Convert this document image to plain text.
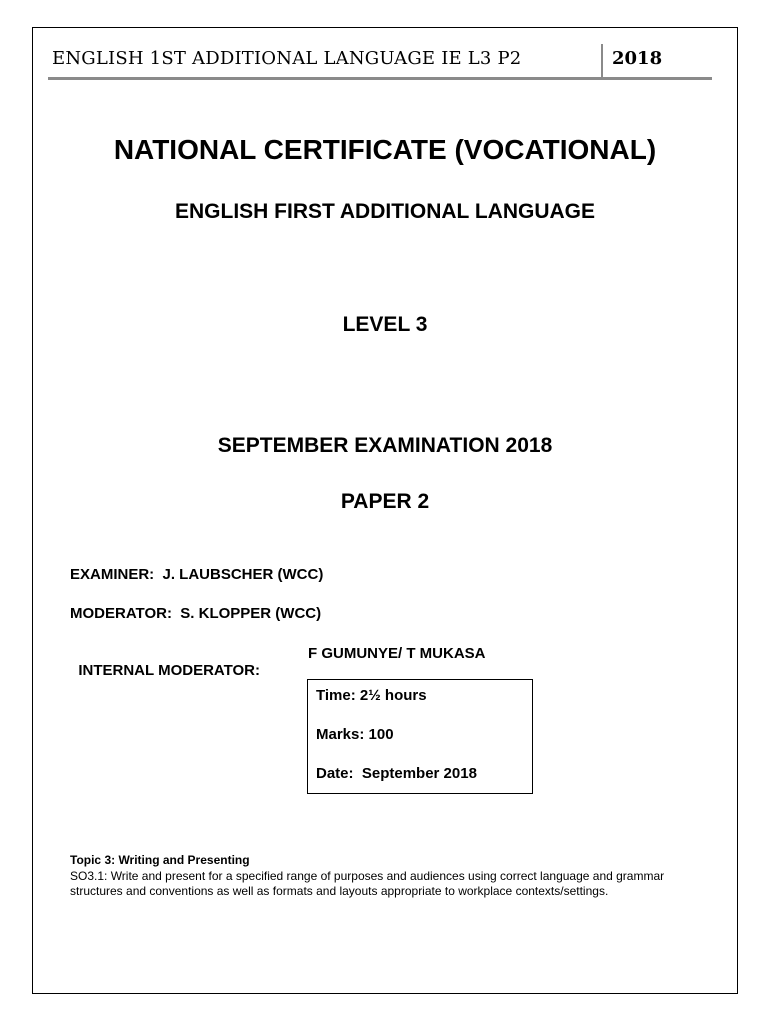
ENGLISH 1ST ADDITIONAL LANGUAGE IE L3 P2	2018
NATIONAL CERTIFICATE (VOCATIONAL)
ENGLISH FIRST ADDITIONAL LANGUAGE
LEVEL 3
SEPTEMBER EXAMINATION 2018
PAPER 2
EXAMINER:  J. LAUBSCHER (WCC)
MODERATOR:  S. KLOPPER (WCC)

INTERNAL MODERATOR:

F GUMUNYE/ T MUKASA

Time: 2½ hours
Marks: 100
Date:  September 2018
Topic 3: Writing and Presenting
SO3.1: Write and present for a specified range of purposes and audiences using correct language and grammar structures and conventions as well as formats and layouts appropriate to workplace contexts/settings.
